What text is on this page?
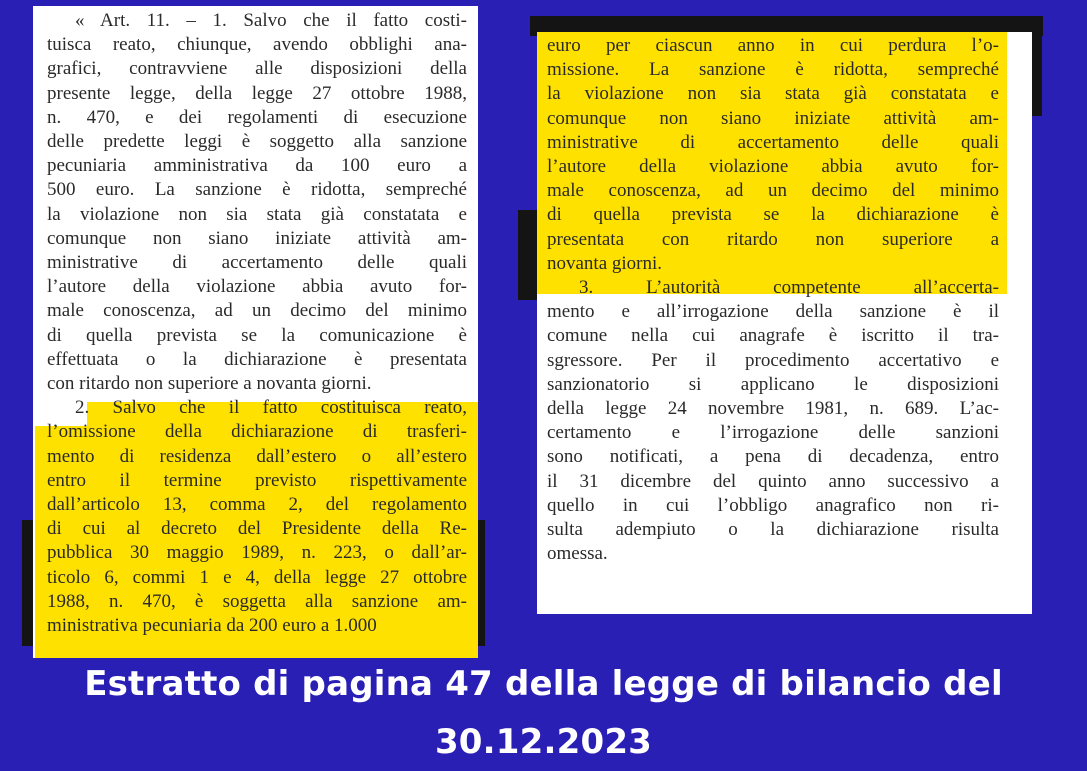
« Art. 11. – 1. Salvo che il fatto costi-
tuisca reato, chiunque, avendo obblighi ana-
grafici, contravviene alle disposizioni della
presente legge, della legge 27 ottobre 1988,
n. 470, e dei regolamenti di esecuzione
delle predette leggi è soggetto alla sanzione
pecuniaria amministrativa da 100 euro a
500 euro. La sanzione è ridotta, sempreché
la violazione non sia stata già constatata e
comunque non siano iniziate attività am-
ministrative di accertamento delle quali
l’autore della violazione abbia avuto for-
male conoscenza, ad un decimo del minimo
di quella prevista se la comunicazione è
effettuata o la dichiarazione è presentata
con ritardo non superiore a novanta giorni.
2. Salvo che il fatto costituisca reato,
l’omissione della dichiarazione di trasferi-
mento di residenza dall’estero o all’estero
entro il termine previsto rispettivamente
dall’articolo 13, comma 2, del regolamento
di cui al decreto del Presidente della Re-
pubblica 30 maggio 1989, n. 223, o dall’ar-
ticolo 6, commi 1 e 4, della legge 27 ottobre
1988, n. 470, è soggetta alla sanzione am-
ministrativa pecuniaria da 200 euro a 1.000
euro per ciascun anno in cui perdura l’o-
missione. La sanzione è ridotta, sempreché
la violazione non sia stata già constatata e
comunque non siano iniziate attività am-
ministrative di accertamento delle quali
l’autore della violazione abbia avuto for-
male conoscenza, ad un decimo del minimo
di quella prevista se la dichiarazione è
presentata con ritardo non superiore a
novanta giorni.
3. L’autorità competente all’accerta-
mento e all’irrogazione della sanzione è il
comune nella cui anagrafe è iscritto il tra-
sgressore. Per il procedimento accertativo e
sanzionatorio si applicano le disposizioni
della legge 24 novembre 1981, n. 689. L’ac-
certamento e l’irrogazione delle sanzioni
sono notificati, a pena di decadenza, entro
il 31 dicembre del quinto anno successivo a
quello in cui l’obbligo anagrafico non ri-
sulta adempiuto o la dichiarazione risulta
omessa.
Estratto di pagina 47 della legge di bilancio del 30.12.2023
